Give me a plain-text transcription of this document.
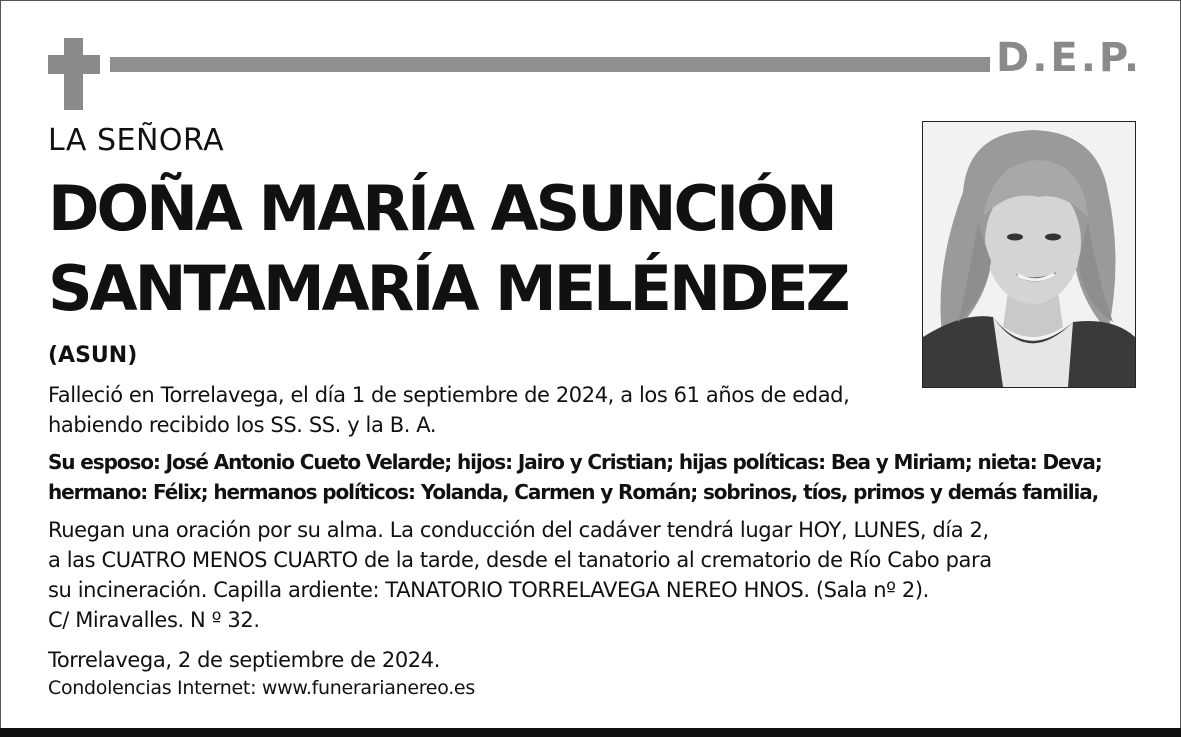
D.E.P.
LA SEÑORA
DOÑA MARÍA ASUNCIÓN
SANTAMARÍA MELÉNDEZ
(ASUN)
Falleció en Torrelavega, el día 1 de septiembre de 2024, a los 61 años de edad,
habiendo recibido los SS. SS. y la B. A.
Su esposo: José Antonio Cueto Velarde; hijos: Jairo y Cristian; hijas políticas: Bea y Miriam; nieta: Deva;
hermano: Félix; hermanos políticos: Yolanda, Carmen y Román; sobrinos, tíos, primos y demás familia,
Ruegan una oración por su alma. La conducción del cadáver tendrá lugar HOY, LUNES, día 2,
a las CUATRO MENOS CUARTO de la tarde, desde el tanatorio al crematorio de Río Cabo para
su incineración. Capilla ardiente: TANATORIO TORRELAVEGA NEREO HNOS. (Sala nº 2).
C/ Miravalles. N º 32.
Torrelavega, 2 de septiembre de 2024.
Condolencias Internet: www.funerarianereo.es
